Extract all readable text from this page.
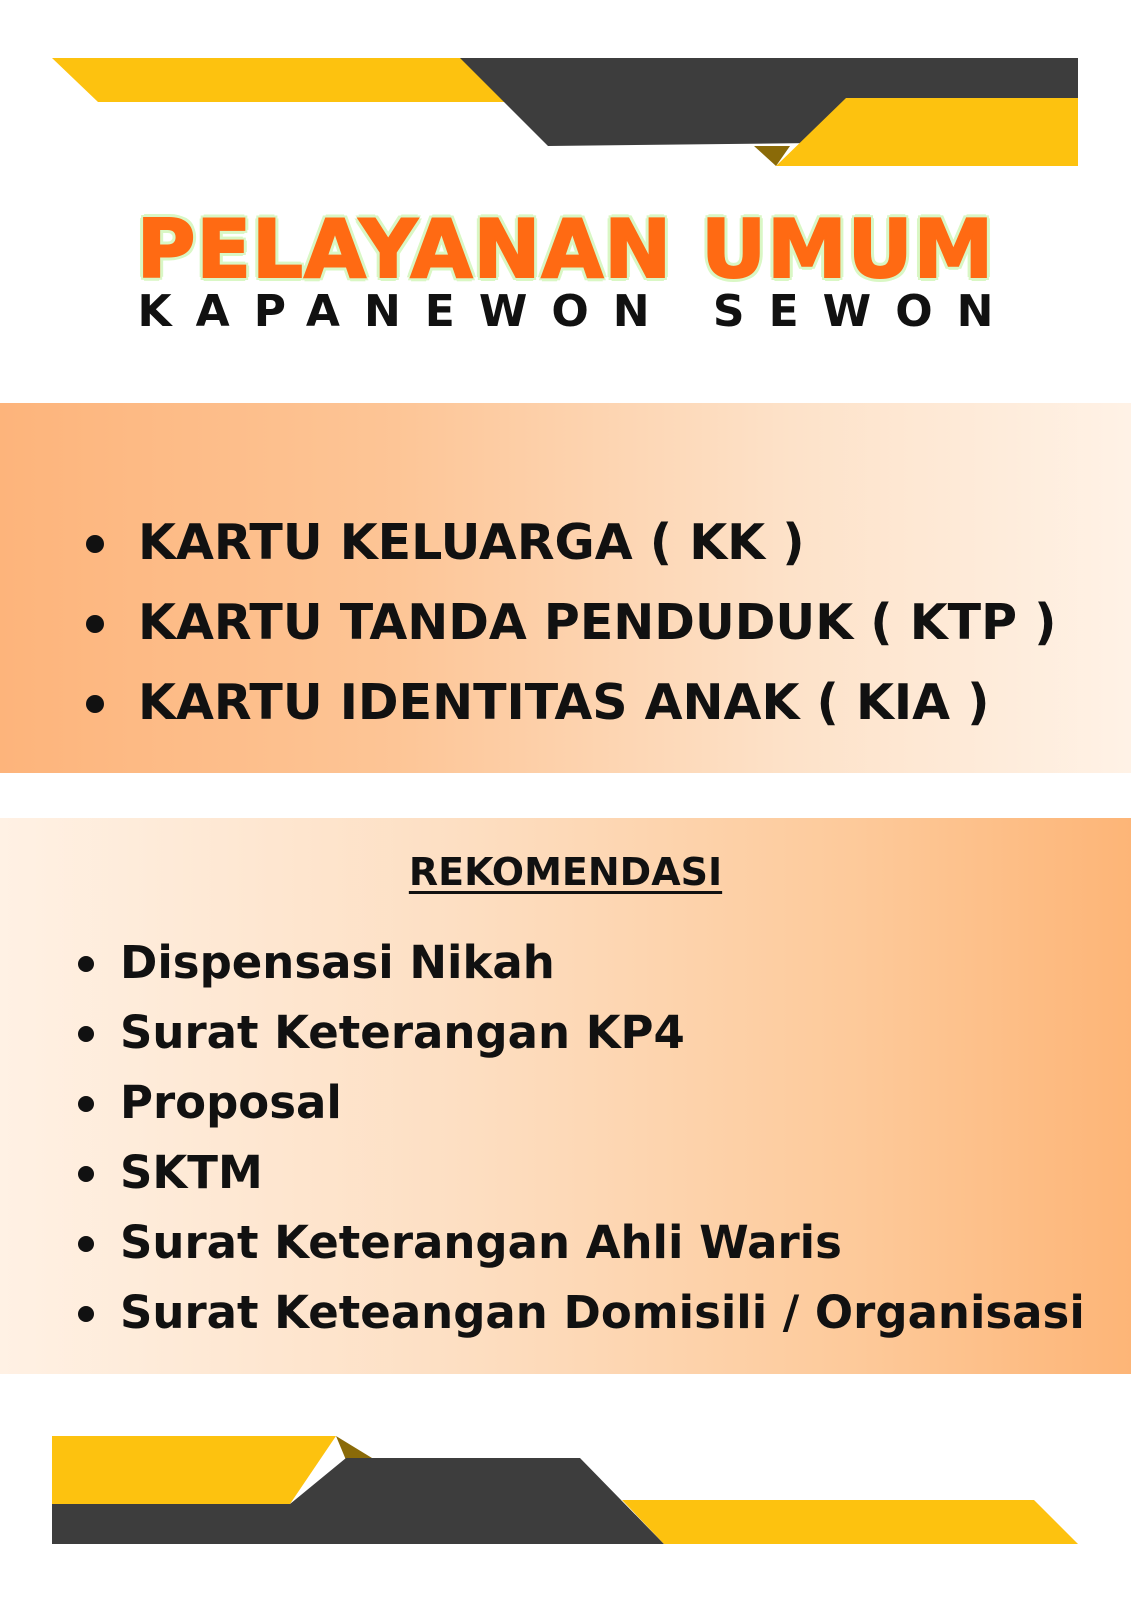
PELAYANAN UMUM
KAPANEWON SEWON
KARTU KELUARGA ( KK )
KARTU TANDA PENDUDUK ( KTP )
KARTU IDENTITAS ANAK ( KIA )
REKOMENDASI
Dispensasi Nikah
Surat Keterangan KP4
Proposal
SKTM
Surat Keterangan Ahli Waris
Surat Keteangan Domisili / Organisasi
